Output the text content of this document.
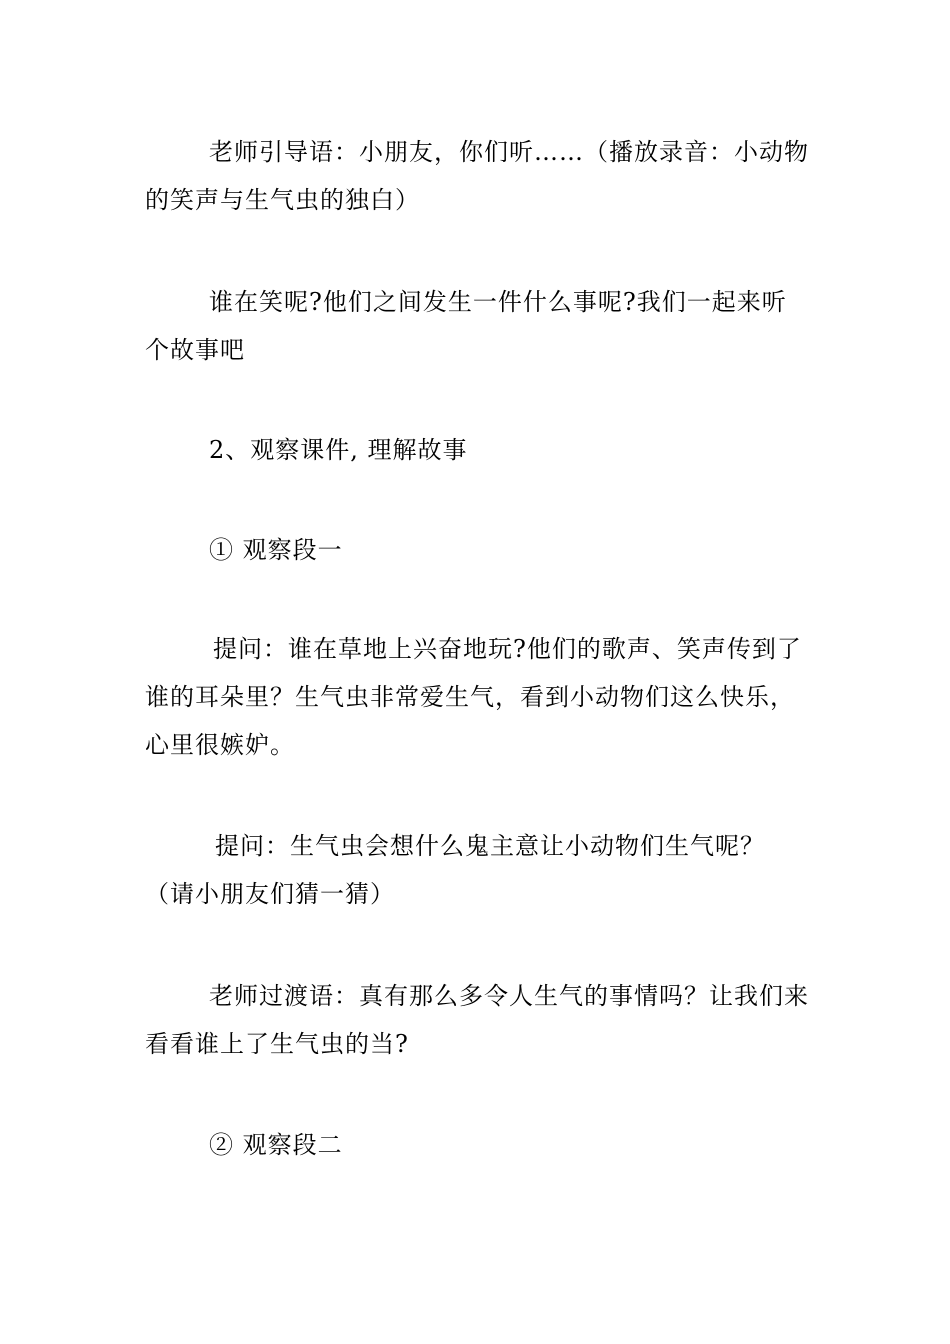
老师引导语：小朋友，你们听……（播放录音：小动物的笑声与生气虫的独白）

谁在笑呢?他们之间发生一件什么事呢?我们一起来听个故事吧

2、观察课件, 理解故事

① 观察段一

提问：谁在草地上兴奋地玩?他们的歌声、笑声传到了谁的耳朵里？生气虫非常爱生气，看到小动物们这么快乐，心里很嫉妒。

提问：生气虫会想什么鬼主意让小动物们生气呢？（请小朋友们猜一猜）

老师过渡语：真有那么多令人生气的事情吗？让我们来看看谁上了生气虫的当?

② 观察段二
